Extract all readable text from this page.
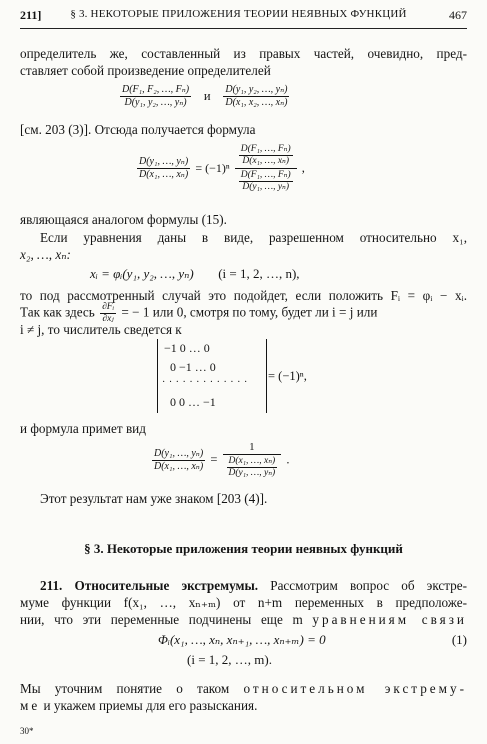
211]	§ 3. НЕКОТОРЫЕ ПРИЛОЖЕНИЯ ТЕОРИИ НЕЯВНЫХ ФУНКЦИЙ	467
определитель же, составленный из правых частей, очевидно, пред-
ставляет собой произведение определителей
$\frac{\text{D(F₁, F₂, …, Fₙ)}}{\text{D(y₁, y₂, …, yₙ)}}$ и $\frac{\text{D(y₁, y₂, …, yₙ)}}{\text{D(x₁, x₂, …, xₙ)}}$
[см. 203 (3)]. Отсюда получается формула
$\frac{\text{D(y₁, …, yₙ)}}{\text{D(x₁, …, xₙ)}} = (-1)^n \frac{\frac{\text{D(F₁, …, Fₙ)}}{\text{D(x₁, …, xₙ)}}}{\frac{\text{D(F₁, …, Fₙ)}}{\text{D(y₁, …, yₙ)}}}$ ,
являющаяся аналогом формулы (15).
Если уравнения даны в виде, разрешенном относительно x₁,
x₂, …, xₙ:
xᵢ = φᵢ(y₁, y₂, …, yₙ) (i = 1, 2, …, n),
то под рассмотренный случай это подойдет, если положить Fᵢ = φᵢ − xᵢ.
Так как здесь $\frac{\text{∂Fᵢ}}{\text{∂xⱼ}}$ = − 1 или 0, смотря по тому, будет ли i = j или
i ≠ j, то числитель сведется к
−1 0 … 0
0 −1 … 0
· · · · · · · · · · · · ·
0 0 … −1
= (−1)ⁿ,
и формула примет вид
$\frac{\text{D(y₁, …, yₙ)}}{\text{D(x₁, …, xₙ)}} = \frac{1}{\frac{\text{D(x₁, …, xₙ)}}{\text{D(y₁, …, yₙ)}}}$ .
Этот результат нам уже знаком [203 (4)].
§ 3. Некоторые приложения теории неявных функций
211. Относительные экстремумы. Рассмотрим вопрос об экстре-
муме функции f(x₁, …, xₙ₊ₘ) от n+m переменных в предположе-
нии, что эти переменные подчинены еще m уравнениям связи
Φᵢ(x₁, …, xₙ, xₙ₊₁, …, xₙ₊ₘ) = 0	(1)
(i = 1, 2, …, m).
Мы уточним понятие о таком относительном экстрему-
ме и укажем приемы для его разыскания.
30*
